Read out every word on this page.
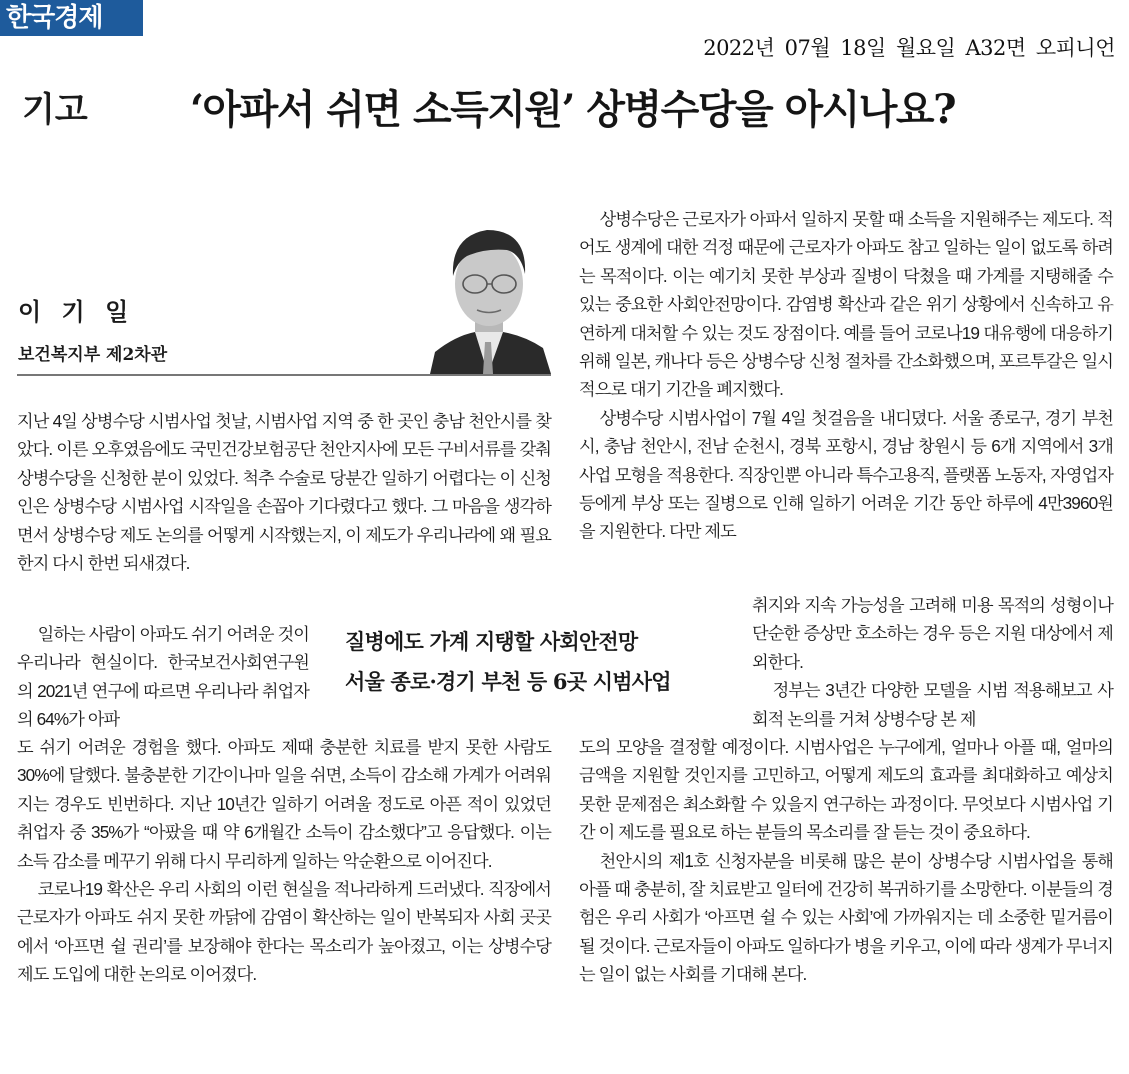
한국경제
2022년 07월 18일 월요일 A32면 오피니언
기고	‘아파서 쉬면 소득지원’ 상병수당을 아시나요?
이 기 일
보건복지부 제2차관

상병수당은 근로자가 아파서 일하지 못할 때 소득을 지원해주는 제도다. 적어도 생계에 대한 걱정 때문에 근로자가 아파도 참고 일하는 일이 없도록 하려는 목적이다. 이는 예기치 못한 부상과 질병이 닥쳤을 때 가계를 지탱해줄 수 있는 중요한 사회안전망이다. 감염병 확산과 같은 위기 상황에서 신속하고 유연하게 대처할 수 있는 것도 장점이다. 예를 들어 코로나19 대유행에 대응하기 위해 일본, 캐나다 등은 상병수당 신청 절차를 간소화했으며, 포르투갈은 일시적으로 대기 기간을 폐지했다.

상병수당 시범사업이 7월 4일 첫걸음을 내디뎠다. 서울 종로구, 경기 부천시, 충남 천안시, 전남 순천시, 경북 포항시, 경남 창원시 등 6개 지역에서 3개 사업 모형을 적용한다. 직장인뿐 아니라 특수고용직, 플랫폼 노동자, 자영업자 등에게 부상 또는 질병으로 인해 일하기 어려운 기간 동안 하루에 4만3960원을 지원한다. 다만 제도

취지와 지속 가능성을 고려해 미용 목적의 성형이나 단순한 증상만 호소하는 경우 등은 지원 대상에서 제외한다.

정부는 3년간 다양한 모델을 시범 적용해보고 사회적 논의를 거쳐 상병수당 본 제

도의 모양을 결정할 예정이다. 시범사업은 누구에게, 얼마나 아플 때, 얼마의 금액을 지원할 것인지를 고민하고, 어떻게 제도의 효과를 최대화하고 예상치 못한 문제점은 최소화할 수 있을지 연구하는 과정이다. 무엇보다 시범사업 기간 이 제도를 필요로 하는 분들의 목소리를 잘 듣는 것이 중요하다.

천안시의 제1호 신청자분을 비롯해 많은 분이 상병수당 시범사업을 통해 아플 때 충분히, 잘 치료받고 일터에 건강히 복귀하기를 소망한다. 이분들의 경험은 우리 사회가 ‘아프면 쉴 수 있는 사회’에 가까워지는 데 소중한 밑거름이 될 것이다. 근로자들이 아파도 일하다가 병을 키우고, 이에 따라 생계가 무너지는 일이 없는 사회를 기대해 본다.

지난 4일 상병수당 시범사업 첫날, 시범사업 지역 중 한 곳인 충남 천안시를 찾았다. 이른 오후였음에도 국민건강보험공단 천안지사에 모든 구비서류를 갖춰 상병수당을 신청한 분이 있었다. 척추 수술로 당분간 일하기 어렵다는 이 신청인은 상병수당 시범사업 시작일을 손꼽아 기다렸다고 했다. 그 마음을 생각하면서 상병수당 제도 논의를 어떻게 시작했는지, 이 제도가 우리나라에 왜 필요한지 다시 한번 되새겼다.

일하는 사람이 아파도 쉬기 어려운 것이 우리나라 현실이다. 한국보건사회연구원의 2021년 연구에 따르면 우리나라 취업자의 64%가 아파

도 쉬기 어려운 경험을 했다. 아파도 제때 충분한 치료를 받지 못한 사람도 30%에 달했다. 불충분한 기간이나마 일을 쉬면, 소득이 감소해 가계가 어려워지는 경우도 빈번하다. 지난 10년간 일하기 어려울 정도로 아픈 적이 있었던 취업자 중 35%가 “아팠을 때 약 6개월간 소득이 감소했다”고 응답했다. 이는 소득 감소를 메꾸기 위해 다시 무리하게 일하는 악순환으로 이어진다.

코로나19 확산은 우리 사회의 이런 현실을 적나라하게 드러냈다. 직장에서 근로자가 아파도 쉬지 못한 까닭에 감염이 확산하는 일이 반복되자 사회 곳곳에서 ‘아프면 쉴 권리’를 보장해야 한다는 목소리가 높아졌고, 이는 상병수당 제도 도입에 대한 논의로 이어졌다.

질병에도 가계 지탱할 사회안전망
서울 종로·경기 부천 등 6곳 시범사업
